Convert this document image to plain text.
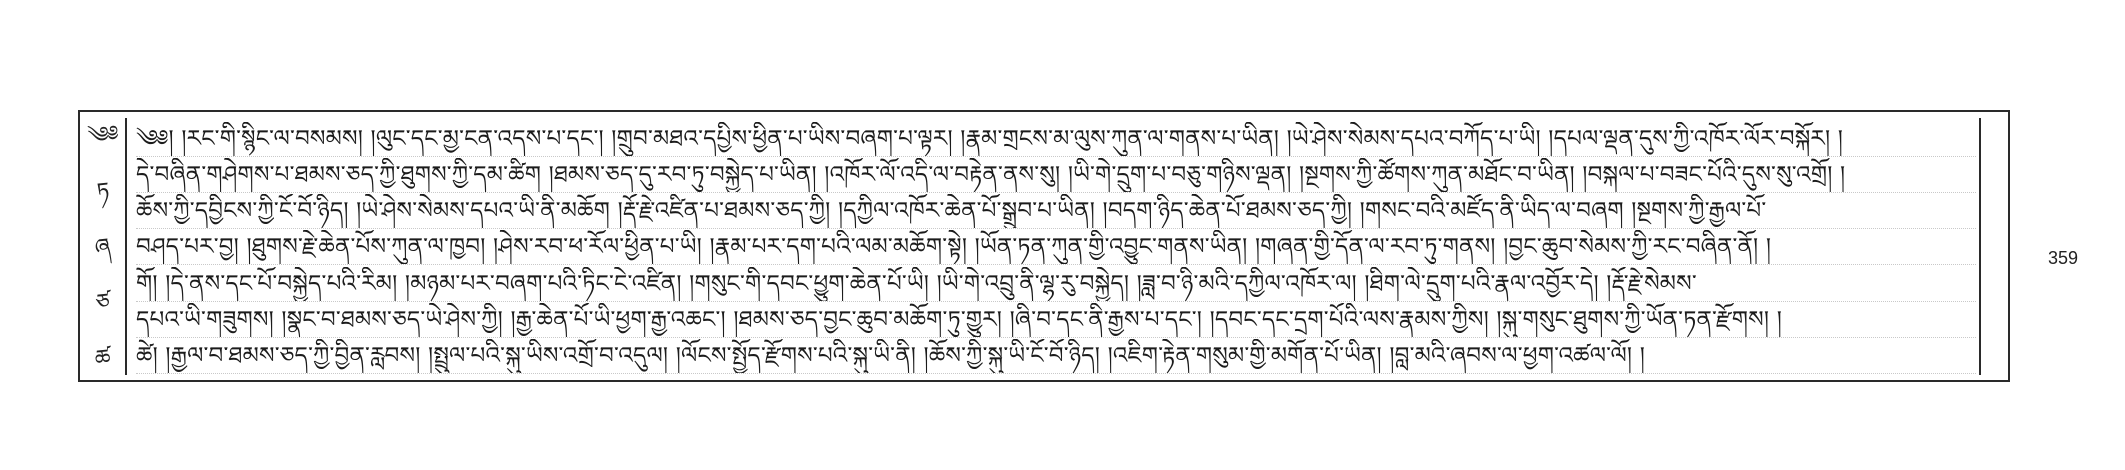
༄༅
ཏ
ཞ
ཙ
ཚ
༄༅། །རང་གི་སྙིང་ལ་བསམས། །ལུང་དང་མྱ་ངན་འདས་པ་དང་། །གྲུབ་མཐའ་དཔྱིས་ཕྱིན་པ་ཡིས་བཞག་པ་ལྟར། །རྣམ་གྲངས་མ་ལུས་ཀུན་ལ་གནས་པ་ཡིན། །ཡེ་ཤེས་སེམས་དཔའ་བཀོད་པ་ཡི། །དཔལ་ལྡན་དུས་ཀྱི་འཁོར་ལོར་བསྐོར། །
དེ་བཞིན་གཤེགས་པ་ཐམས་ཅད་ཀྱི་ཐུགས་ཀྱི་དམ་ཚིག །ཐམས་ཅད་དུ་རབ་ཏུ་བསྐྱེད་པ་ཡིན། །འཁོར་ལོ་འདི་ལ་བརྟེན་ནས་སུ། །ཡི་གེ་དྲུག་པ་བཅུ་གཉིས་ལྡན། །སྔགས་ཀྱི་ཚོགས་ཀུན་མཐོང་བ་ཡིན། །བསྐལ་པ་བཟང་པོའི་དུས་སུ་འགྲོ། །
ཆོས་ཀྱི་དབྱིངས་ཀྱི་ངོ་བོ་ཉིད། །ཡེ་ཤེས་སེམས་དཔའ་ཡི་ནི་མཆོག །རྡོ་རྗེ་འཛིན་པ་ཐམས་ཅད་ཀྱི། །དཀྱིལ་འཁོར་ཆེན་པོ་སྒྲུབ་པ་ཡིན། །བདག་ཉིད་ཆེན་པོ་ཐམས་ཅད་ཀྱི། །གསང་བའི་མཛོད་ནི་ཡིད་ལ་བཞག །སྔགས་ཀྱི་རྒྱལ་པོ་
བཤད་པར་བྱ། །ཐུགས་རྗེ་ཆེན་པོས་ཀུན་ལ་ཁྱབ། །ཤེས་རབ་ཕ་རོལ་ཕྱིན་པ་ཡི། །རྣམ་པར་དག་པའི་ལམ་མཆོག་སྟེ། །ཡོན་ཏན་ཀུན་གྱི་འབྱུང་གནས་ཡིན། །གཞན་གྱི་དོན་ལ་རབ་ཏུ་གནས། །བྱང་ཆུབ་སེམས་ཀྱི་རང་བཞིན་ནོ། །
གོ། །དེ་ནས་དང་པོ་བསྐྱེད་པའི་རིམ། །མཉམ་པར་བཞག་པའི་ཏིང་ངེ་འཛིན། །གསུང་གི་དབང་ཕྱུག་ཆེན་པོ་ཡི། །ཡི་གེ་འབྲུ་ནི་ལྷ་རུ་བསྐྱེད། །ཟླ་བ་ཉི་མའི་དཀྱིལ་འཁོར་ལ། །ཐིག་ལེ་དྲུག་པའི་རྣལ་འབྱོར་དེ། །རྡོ་རྗེ་སེམས་
དཔའ་ཡི་གཟུགས། །སྣང་བ་ཐམས་ཅད་ཡེ་ཤེས་ཀྱི། །རྒྱ་ཆེན་པོ་ཡི་ཕྱག་རྒྱ་འཆང་། །ཐམས་ཅད་བྱང་ཆུབ་མཆོག་ཏུ་གྱུར། །ཞི་བ་དང་ནི་རྒྱས་པ་དང་། །དབང་དང་དྲག་པོའི་ལས་རྣམས་ཀྱིས། །སྐུ་གསུང་ཐུགས་ཀྱི་ཡོན་ཏན་རྫོགས། །
ཚེ། །རྒྱལ་བ་ཐམས་ཅད་ཀྱི་བྱིན་རླབས། །སྤྲུལ་པའི་སྐུ་ཡིས་འགྲོ་བ་འདུལ། །ལོངས་སྤྱོད་རྫོགས་པའི་སྐུ་ཡི་ནི། །ཆོས་ཀྱི་སྐུ་ཡི་ངོ་བོ་ཉིད། །འཇིག་རྟེན་གསུམ་གྱི་མགོན་པོ་ཡིན། །བླ་མའི་ཞབས་ལ་ཕྱག་འཚལ་ལོ། །
359
